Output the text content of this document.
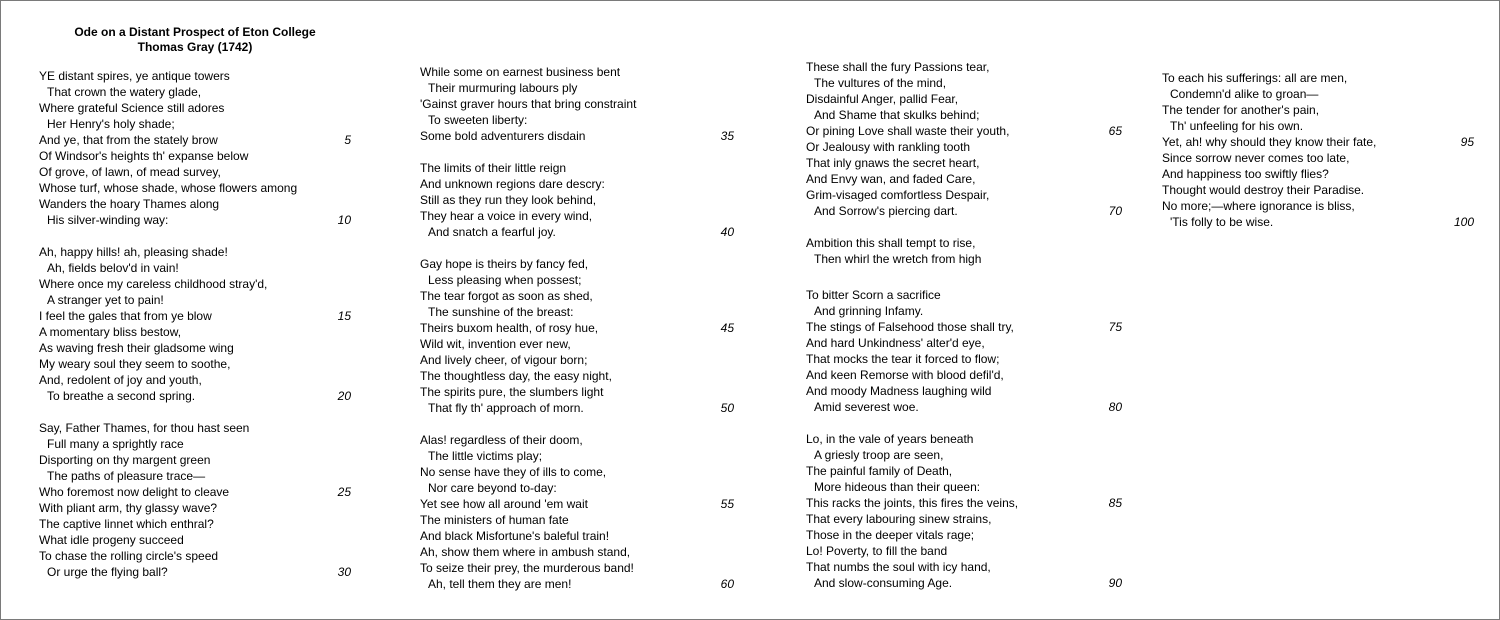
Ode on a Distant Prospect of Eton College
Thomas Gray (1742)
YE distant spires, ye antique towers
That crown the watery glade,
Where grateful Science still adores
Her Henry's holy shade;
And ye, that from the stately brow	5
Of Windsor's heights th' expanse below
Of grove, of lawn, of mead survey,
Whose turf, whose shade, whose flowers among
Wanders the hoary Thames along
His silver-winding way:	10
Ah, happy hills! ah, pleasing shade!
Ah, fields belov'd in vain!
Where once my careless childhood stray'd,
A stranger yet to pain!
I feel the gales that from ye blow	15
A momentary bliss bestow,
As waving fresh their gladsome wing
My weary soul they seem to soothe,
And, redolent of joy and youth,
To breathe a second spring.	20
Say, Father Thames, for thou hast seen
Full many a sprightly race
Disporting on thy margent green
The paths of pleasure trace—
Who foremost now delight to cleave	25
With pliant arm, thy glassy wave?
The captive linnet which enthral?
What idle progeny succeed
To chase the rolling circle's speed
Or urge the flying ball?	30
While some on earnest business bent
Their murmuring labours ply
'Gainst graver hours that bring constraint
To sweeten liberty:
Some bold adventurers disdain	35
The limits of their little reign
And unknown regions dare descry:
Still as they run they look behind,
They hear a voice in every wind,
And snatch a fearful joy.	40
Gay hope is theirs by fancy fed,
Less pleasing when possest;
The tear forgot as soon as shed,
The sunshine of the breast:
Theirs buxom health, of rosy hue,	45
Wild wit, invention ever new,
And lively cheer, of vigour born;
The thoughtless day, the easy night,
The spirits pure, the slumbers light
That fly th' approach of morn.	50
Alas! regardless of their doom,
The little victims play;
No sense have they of ills to come,
Nor care beyond to-day:
Yet see how all around 'em wait	55
The ministers of human fate
And black Misfortune's baleful train!
Ah, show them where in ambush stand,
To seize their prey, the murderous band!
Ah, tell them they are men!	60
These shall the fury Passions tear,
The vultures of the mind,
Disdainful Anger, pallid Fear,
And Shame that skulks behind;
Or pining Love shall waste their youth,	65
Or Jealousy with rankling tooth
That inly gnaws the secret heart,
And Envy wan, and faded Care,
Grim-visaged comfortless Despair,
And Sorrow's piercing dart.	70
Ambition this shall tempt to rise,
Then whirl the wretch from high
To bitter Scorn a sacrifice
And grinning Infamy.
The stings of Falsehood those shall try,	75
And hard Unkindness' alter'd eye,
That mocks the tear it forced to flow;
And keen Remorse with blood defil'd,
And moody Madness laughing wild
Amid severest woe.	80
Lo, in the vale of years beneath
A griesly troop are seen,
The painful family of Death,
More hideous than their queen:
This racks the joints, this fires the veins,	85
That every labouring sinew strains,
Those in the deeper vitals rage;
Lo! Poverty, to fill the band
That numbs the soul with icy hand,
And slow-consuming Age.	90
To each his sufferings: all are men,
Condemn'd alike to groan—
The tender for another's pain,
Th' unfeeling for his own.
Yet, ah! why should they know their fate,	95
Since sorrow never comes too late,
And happiness too swiftly flies?
Thought would destroy their Paradise.
No more;—where ignorance is bliss,
'Tis folly to be wise.	100
